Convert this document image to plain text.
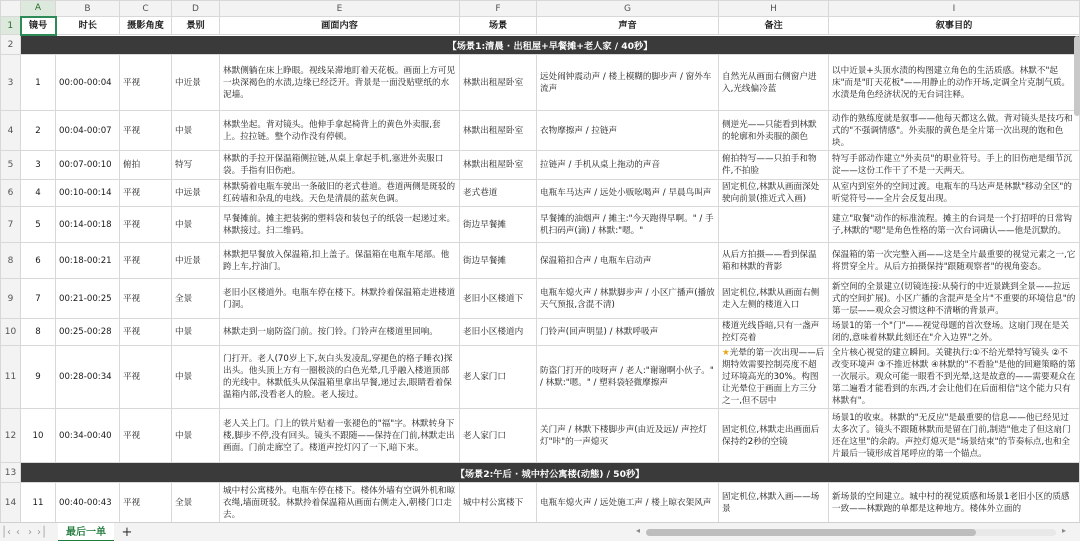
	A	B	C	D	E	F	G	H	I
1	镜号	时长	摄影角度	景别	画面内容	场景	声音	备注	叙事目的
2	【场景1:清晨 · 出租屋+早餐摊+老人家 / 40秒】								
3	1	00:00-00:04	平视	中近景	林默侧躺在床上睁眼。视线呆滞地盯着天花板。画面上方可见一块深褐色的水渍,边缘已经泛开。背景是一面没贴壁纸的水泥墙。	林默出租屋卧室	远处闹钟震动声 / 楼上模糊的脚步声 / 窗外车流声	自然光从画面右侧窗户进入,光线偏冷蓝	以中近景+头顶水渍的构图建立角色的生活质感。林默不"起床"而是"盯天花板"——用静止的动作开场,定调全片克制气质。水渍是角色经济状况的无台词注释。
4	2	00:04-00:07	平视	中景	林默坐起。背对镜头。他伸手拿起椅背上的黄色外卖服,套上。拉拉链。整个动作没有停顿。	林默出租屋卧室	衣物摩擦声 / 拉链声	侧逆光——只能看到林默的轮廓和外卖服的颜色	动作的熟练度就是叙事——他每天都这么做。背对镜头是技巧和式的"不强调情感"。外卖服的黄色是全片第一次出现的饱和色块。
5	3	00:07-00:10	俯拍	特写	林默的手拉开保温箱侧拉链,从桌上拿起手机,塞进外卖服口袋。手指有旧伤疤。	林默出租屋卧室	拉链声 / 手机从桌上拖动的声音	俯拍特写——只拍手和物件,不拍脸	特写手部动作建立"外卖员"的职业符号。手上的旧伤疤是细节沉淀——这份工作干了不是一天两天。
6	4	00:10-00:14	平视	中远景	林默骑着电瓶车驶出一条破旧的老式巷道。巷道两侧是斑驳的红砖墙和杂乱的电线。天色是清晨的蓝灰色调。	老式巷道	电瓶车马达声 / 远处小贩吆喝声 / 早晨鸟叫声	固定机位,林默从画面深处驶向前景(推近式入画)	从室内到室外的空间过渡。电瓶车的马达声是林默"移动全区"的听觉符号——全片会反复出现。
7	5	00:14-00:18	平视	中景	早餐摊前。摊主把装粥的塑料袋和装包子的纸袋一起递过来。林默接过。扫二维码。	街边早餐摊	早餐摊的油烟声 / 摊主:"今天跑得早啊。" / 手机扫码声(滴) / 林默:"嗯。"		建立"取餐"动作的标准流程。摊主的台词是一个打招呼的日常钩子,林默的"嗯"是角色性格的第一次台词确认——他是沉默的。
8	6	00:18-00:21	平视	中近景	林默把早餐放入保温箱,扣上盖子。保温箱在电瓶车尾部。他跨上车,拧油门。	街边早餐摊	保温箱扣合声 / 电瓶车启动声	从后方拍摄——看到保温箱和林默的背影	保温箱的第一次完整入画——这是全片最重要的视觉元素之一,它将贯穿全片。从后方拍摄保持"跟随观察者"的视角姿态。
9	7	00:21-00:25	平视	全景	老旧小区楼道外。电瓶车停在楼下。林默拎着保温箱走进楼道门洞。	老旧小区楼道下	电瓶车熄火声 / 林默脚步声 / 小区广播声(播放天气预报,含混不清)	固定机位,林默从画面右侧走入左侧的楼道入口	新空间的全景建立(切镜连接:从骑行的中近景跳到全景——拉远式的空间扩展)。小区广播的含混声是全片"不重要的环境信息"的第一层——观众会习惯这种不清晰的背景声。
10	8	00:25-00:28	平视	中景	林默走到一扇防盗门前。按门铃。门铃声在楼道里回响。	老旧小区楼道内	门铃声(回声明显) / 林默呼吸声	楼道光线昏暗,只有一盏声控灯亮着	场景1的第一个"门"——视觉母题的首次登场。这扇门现在是关闭的,意味着林默此刻还在"介入边界"之外。
11	9	00:28-00:34	平视	中景	门打开。老人(70岁上下,灰白头发凌乱,穿褪色的格子睡衣)探出头。他头顶上方有一圈极淡的白色光晕,几乎融入楼道顶部的光线中。林默低头从保温箱里拿出早餐,递过去,眼睛看着保温箱内部,没看老人的脸。老人接过。	老人家门口	防盗门打开的吱呀声 / 老人:"谢谢啊小伙子。" / 林默:"嗯。" / 塑料袋轻微摩擦声	★光晕的第一次出现——后期特效需要控制亮度不超过环境高光的30%。构图让光晕位于画面上方三分之一,但不居中	全片核心视觉的建立瞬间。关键执行:①不给光晕特写镜头 ②不改变环境声 ③不推近林默 ④林默的"不看脸"是他的回避策略的第一次展示。观众可能一眼看不到光晕,这是故意的——需要观众在第二遍看才能看到的东西,才会让他们在后面相信"这个能力只有林默有"。
12	10	00:34-00:40	平视	中景	老人关上门。门上的铁片贴着一张褪色的"福"字。林默转身下楼,脚步不停,没有回头。镜头不跟随——保持在门前,林默走出画面。门前走廊空了。楼道声控灯闪了一下,暗下来。	老人家门口	关门声 / 林默下楼脚步声(由近及远)/ 声控灯灯"咔"的一声熄灭	固定机位,林默走出画面后保持约2秒的空镜	场景1的收束。林默的"无反应"是最重要的信息——他已经见过太多次了。镜头不跟随林默而是留在门前,制造"他走了但这扇门还在这里"的余韵。声控灯熄灭是"场景结束"的节奏标点,也和全片最后一镜形成首尾呼应的第一个锚点。
13	【场景2:午后 · 城中村公寓楼(动態) / 50秒】								
14	11	00:40-00:43	平视	全景	城中村公寓楼外。电瓶车停在楼下。楼体外墙有空调外机和晾衣绳,墙面斑驳。林默拎着保温箱从画面右侧走入,朝楼门口走去。	城中村公寓楼下	电瓶车熄火声 / 远处施工声 / 楼上晾衣架风声	固定机位,林默入画——场景	新场景的空间建立。城中村的视觉质感和场景1老旧小区的质感一致——林默跑的单都是这种地方。楼体外立面的
│‹ ‹ › ›│	最后一单	+	◂	▸
